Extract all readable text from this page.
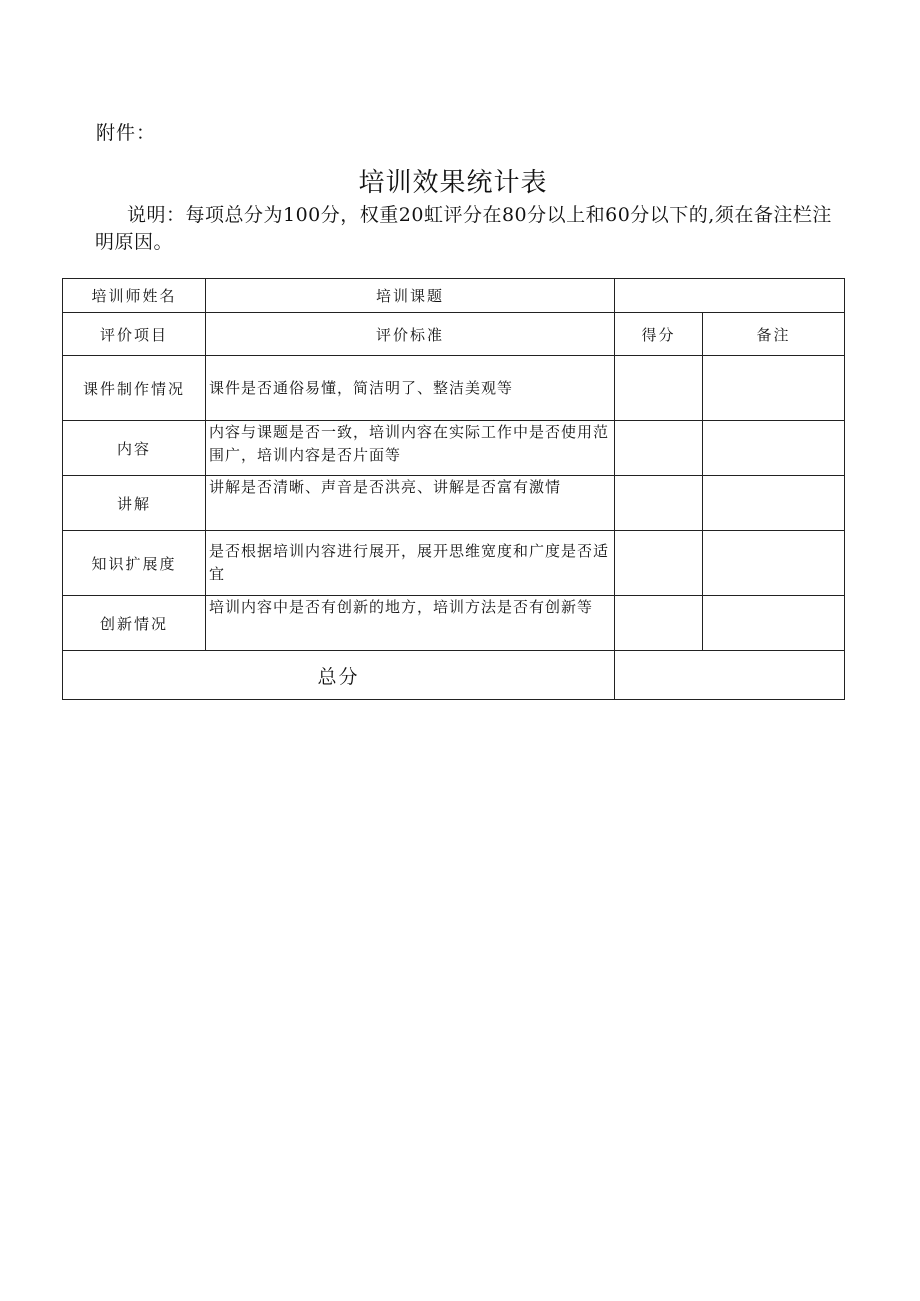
附件：
培训效果统计表
说明：每项总分为100分，权重20虹评分在80分以上和60分以下的,须在备注栏注明原因。
培训师姓名	培训课题		
评价项目	评价标准	得分	备注
课件制作情况	课件是否通俗易懂，简洁明了、整洁美观等		
内容	内容与课题是否一致，培训内容在实际工作中是否使用范围广，培训内容是否片面等		
讲解	讲解是否清晰、声音是否洪亮、讲解是否富有激情		
知识扩展度	是否根据培训内容进行展开，展开思维宽度和广度是否适宜		
创新情况	培训内容中是否有创新的地方，培训方法是否有创新等		
总分			
